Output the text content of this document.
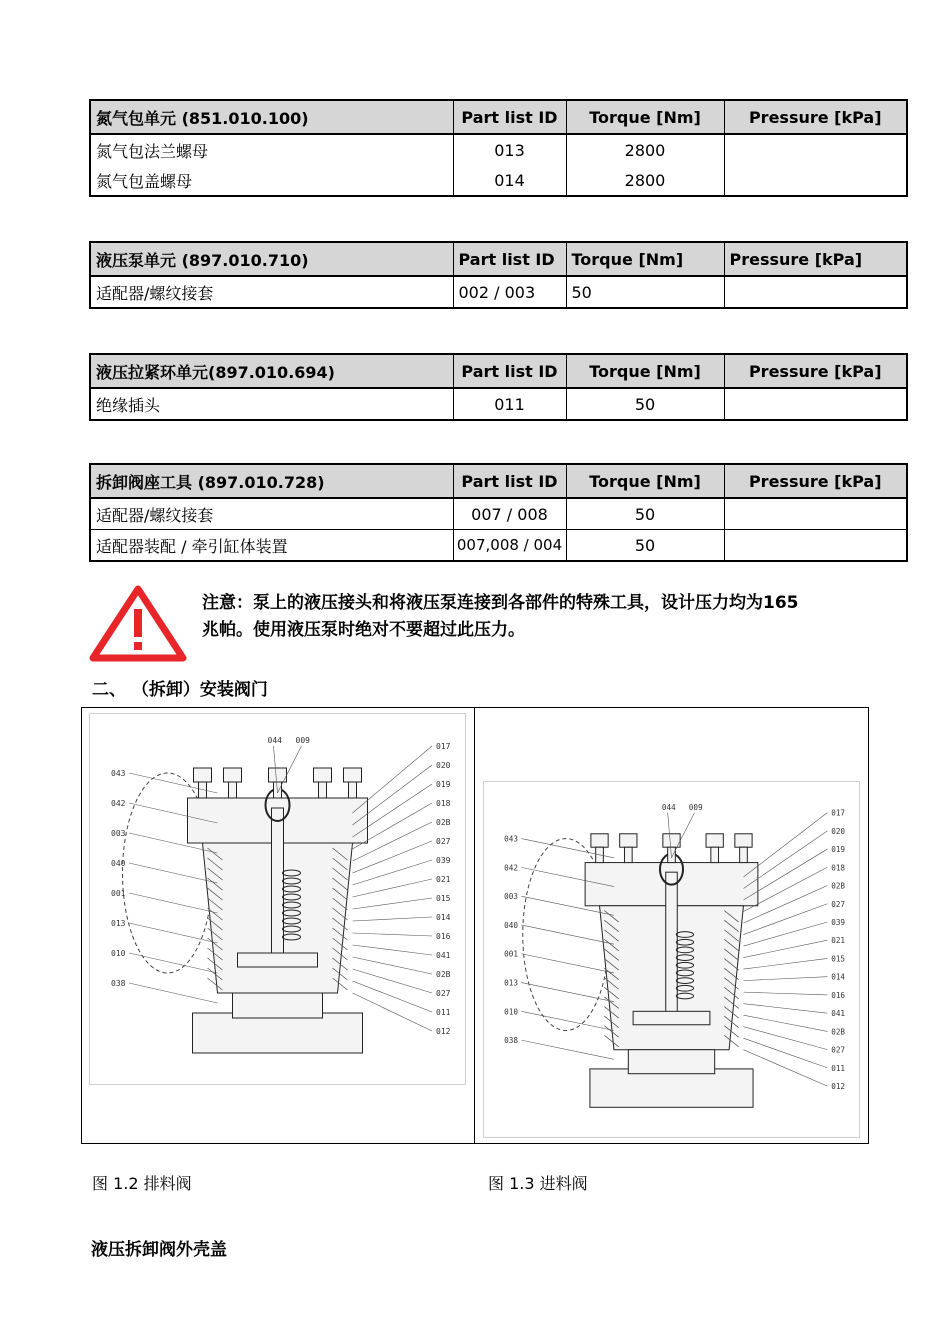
氮气包单元 (851.010.100)	Part list ID	Torque [Nm]	Pressure [kPa]
氮气包法兰螺母	013	2800	
氮气包盖螺母	014	2800	
液压泵单元 (897.010.710)	Part list ID	Torque [Nm]	Pressure [kPa]
适配器/螺纹接套	002 / 003	50	
液压拉紧环单元(897.010.694)	Part list ID	Torque [Nm]	Pressure [kPa]
绝缘插头	011	50	
拆卸阀座工具 (897.010.728)	Part list ID	Torque [Nm]	Pressure [kPa]
适配器/螺纹接套	007 / 008	50	
适配器装配 / 牵引缸体装置	007,008 / 004	50	
注意：泵上的液压接头和将液压泵连接到各部件的特殊工具，设计压力均为165
兆帕。使用液压泵时绝对不要超过此压力。
二、 （拆卸）安装阀门
043
042
003
040
001
013
010
038
044 009
017
020
019
018
02B
027
039
021
015
014
016
041
02B
027
011
012
043
042
003
040
001
013
010
038
044 009
017
020
019
018
02B
027
039
021
015
014
016
041
02B
027
011
012
图 1.2 排料阀	图 1.3 进料阀
液压拆卸阀外壳盖
